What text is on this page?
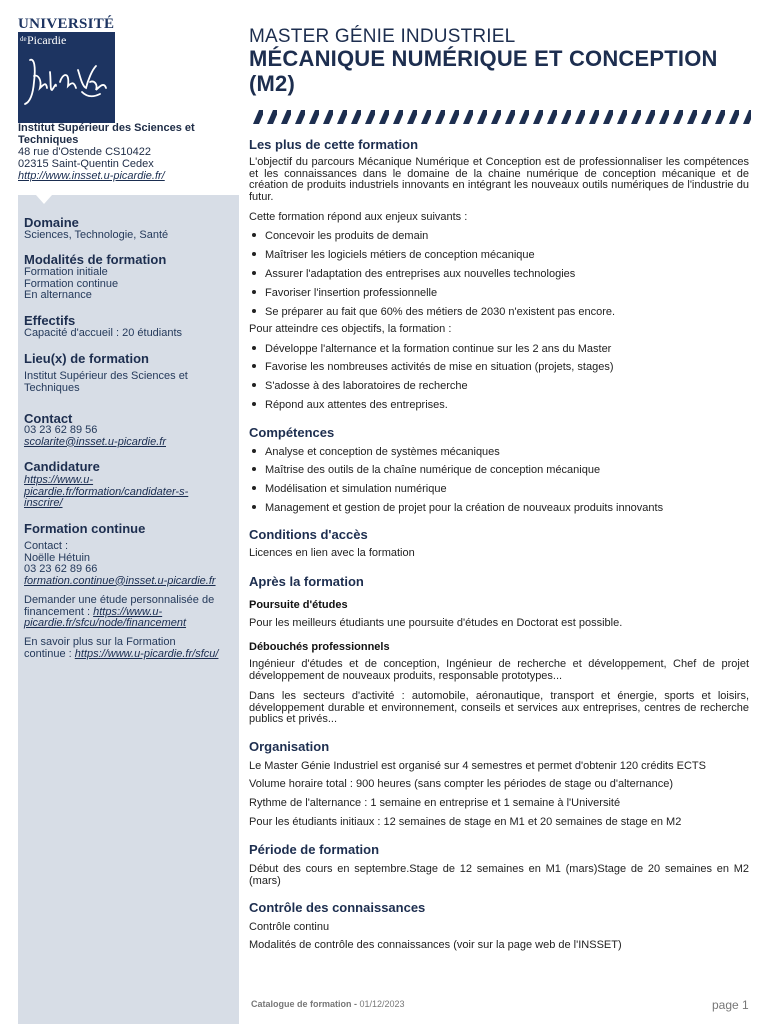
UNIVERSITÉ
de Picardie
Institut Supérieur des Sciences et Techniques
48 rue d'Ostende CS10422
02315 Saint-Quentin Cedex
http://www.insset.u-picardie.fr/
Domaine
Sciences, Technologie, Santé
Modalités de formation
Formation initiale
Formation continue
En alternance
Effectifs
Capacité d'accueil : 20 étudiants
Lieu(x) de formation
Institut Supérieur des Sciences et
Techniques
Contact
03 23 62 89 56
scolarite@insset.u-picardie.fr
Candidature
https://www.u-
picardie.fr/formation/candidater-s-
inscrire/
Formation continue
Contact :
Noëlle Hétuin
03 23 62 89 66
formation.continue@insset.u-picardie.fr
Demander une étude personnalisée de
financement : https://www.u-
picardie.fr/sfcu/node/financement
En savoir plus sur la Formation
continue : https://www.u-picardie.fr/sfcu/
MASTER GÉNIE INDUSTRIEL
MÉCANIQUE NUMÉRIQUE ET CONCEPTION (M2)
Les plus de cette formation
L'objectif du parcours Mécanique Numérique et Conception est de professionnaliser les compétences et les connaissances dans le domaine de la chaine numérique de conception mécanique et de création de produits industriels innovants en intégrant les nouveaux outils numériques de l'industrie du futur.
Cette formation répond aux enjeux suivants :
Concevoir les produits de demain
Maîtriser les logiciels métiers de conception mécanique
Assurer l'adaptation des entreprises aux nouvelles technologies
Favoriser l'insertion professionnelle
Se préparer au fait que 60% des métiers de 2030 n'existent pas encore.
Pour atteindre ces objectifs, la formation :
Développe l'alternance et la formation continue sur les 2 ans du Master
Favorise les nombreuses activités de mise en situation (projets, stages)
S'adosse à des laboratoires de recherche
Répond aux attentes des entreprises.
Compétences
Analyse et conception de systèmes mécaniques
Maîtrise des outils de la chaîne numérique de conception mécanique
Modélisation et simulation numérique
Management et gestion de projet pour la création de nouveaux produits innovants
Conditions d'accès
Licences en lien avec la formation
Après la formation
Poursuite d'études
Pour les meilleurs étudiants une poursuite d'études en Doctorat est possible.
Débouchés professionnels
Ingénieur d'études et de conception, Ingénieur de recherche et développement, Chef de projet développement de nouveaux produits, responsable prototypes...
Dans les secteurs d'activité : automobile, aéronautique, transport et énergie, sports et loisirs, développement durable et environnement, conseils et services aux entreprises, centres de recherche publics et privés...
Organisation
Le Master Génie Industriel est organisé sur 4 semestres et permet d'obtenir 120 crédits ECTS
Volume horaire total : 900 heures (sans compter les périodes de stage ou d'alternance)
Rythme de l'alternance : 1 semaine en entreprise et 1 semaine à l'Université
Pour les étudiants initiaux : 12 semaines de stage en M1 et 20 semaines de stage en M2
Période de formation
Début des cours en septembre.Stage de 12 semaines en M1 (mars)Stage de 20 semaines en M2 (mars)
Contrôle des connaissances
Contrôle continu
Modalités de contrôle des connaissances (voir sur la page web de l'INSSET)
Catalogue de formation - 01/12/2023	page 1
